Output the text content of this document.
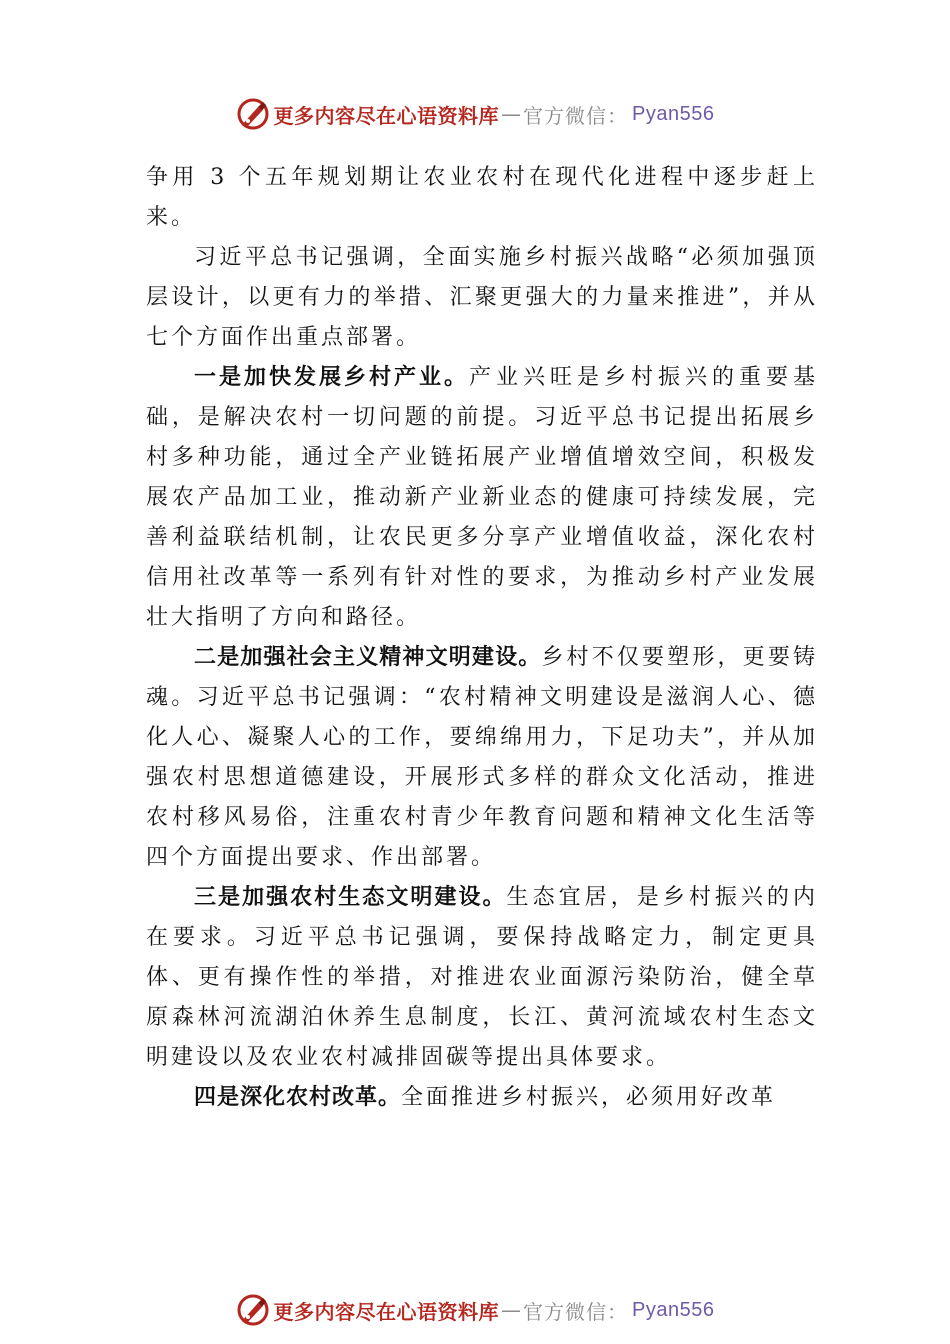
更多内容尽在心语资料库 — 官方微信： Pyan556

争用 3 个五年规划期让农业农村在现代化进程中逐步赶上来。

习近平总书记强调，全面实施乡村振兴战略“必须加强顶层设计，以更有力的举措、汇聚更强大的力量来推进”，并从七个方面作出重点部署。

一是加快发展乡村产业。产业兴旺是乡村振兴的重要基础，是解决农村一切问题的前提。习近平总书记提出拓展乡村多种功能，通过全产业链拓展产业增值增效空间，积极发展农产品加工业，推动新产业新业态的健康可持续发展，完善利益联结机制，让农民更多分享产业增值收益，深化农村信用社改革等一系列有针对性的要求，为推动乡村产业发展壮大指明了方向和路径。

二是加强社会主义精神文明建设。乡村不仅要塑形，更要铸魂。习近平总书记强调：“农村精神文明建设是滋润人心、德化人心、凝聚人心的工作，要绵绵用力，下足功夫”，并从加强农村思想道德建设，开展形式多样的群众文化活动，推进农村移风易俗，注重农村青少年教育问题和精神文化生活等四个方面提出要求、作出部署。

三是加强农村生态文明建设。生态宜居，是乡村振兴的内在要求。习近平总书记强调，要保持战略定力，制定更具体、更有操作性的举措，对推进农业面源污染防治，健全草原森林河流湖泊休养生息制度，长江、黄河流域农村生态文明建设以及农业农村减排固碳等提出具体要求。

四是深化农村改革。全面推进乡村振兴，必须用好改革

更多内容尽在心语资料库 — 官方微信： Pyan556
